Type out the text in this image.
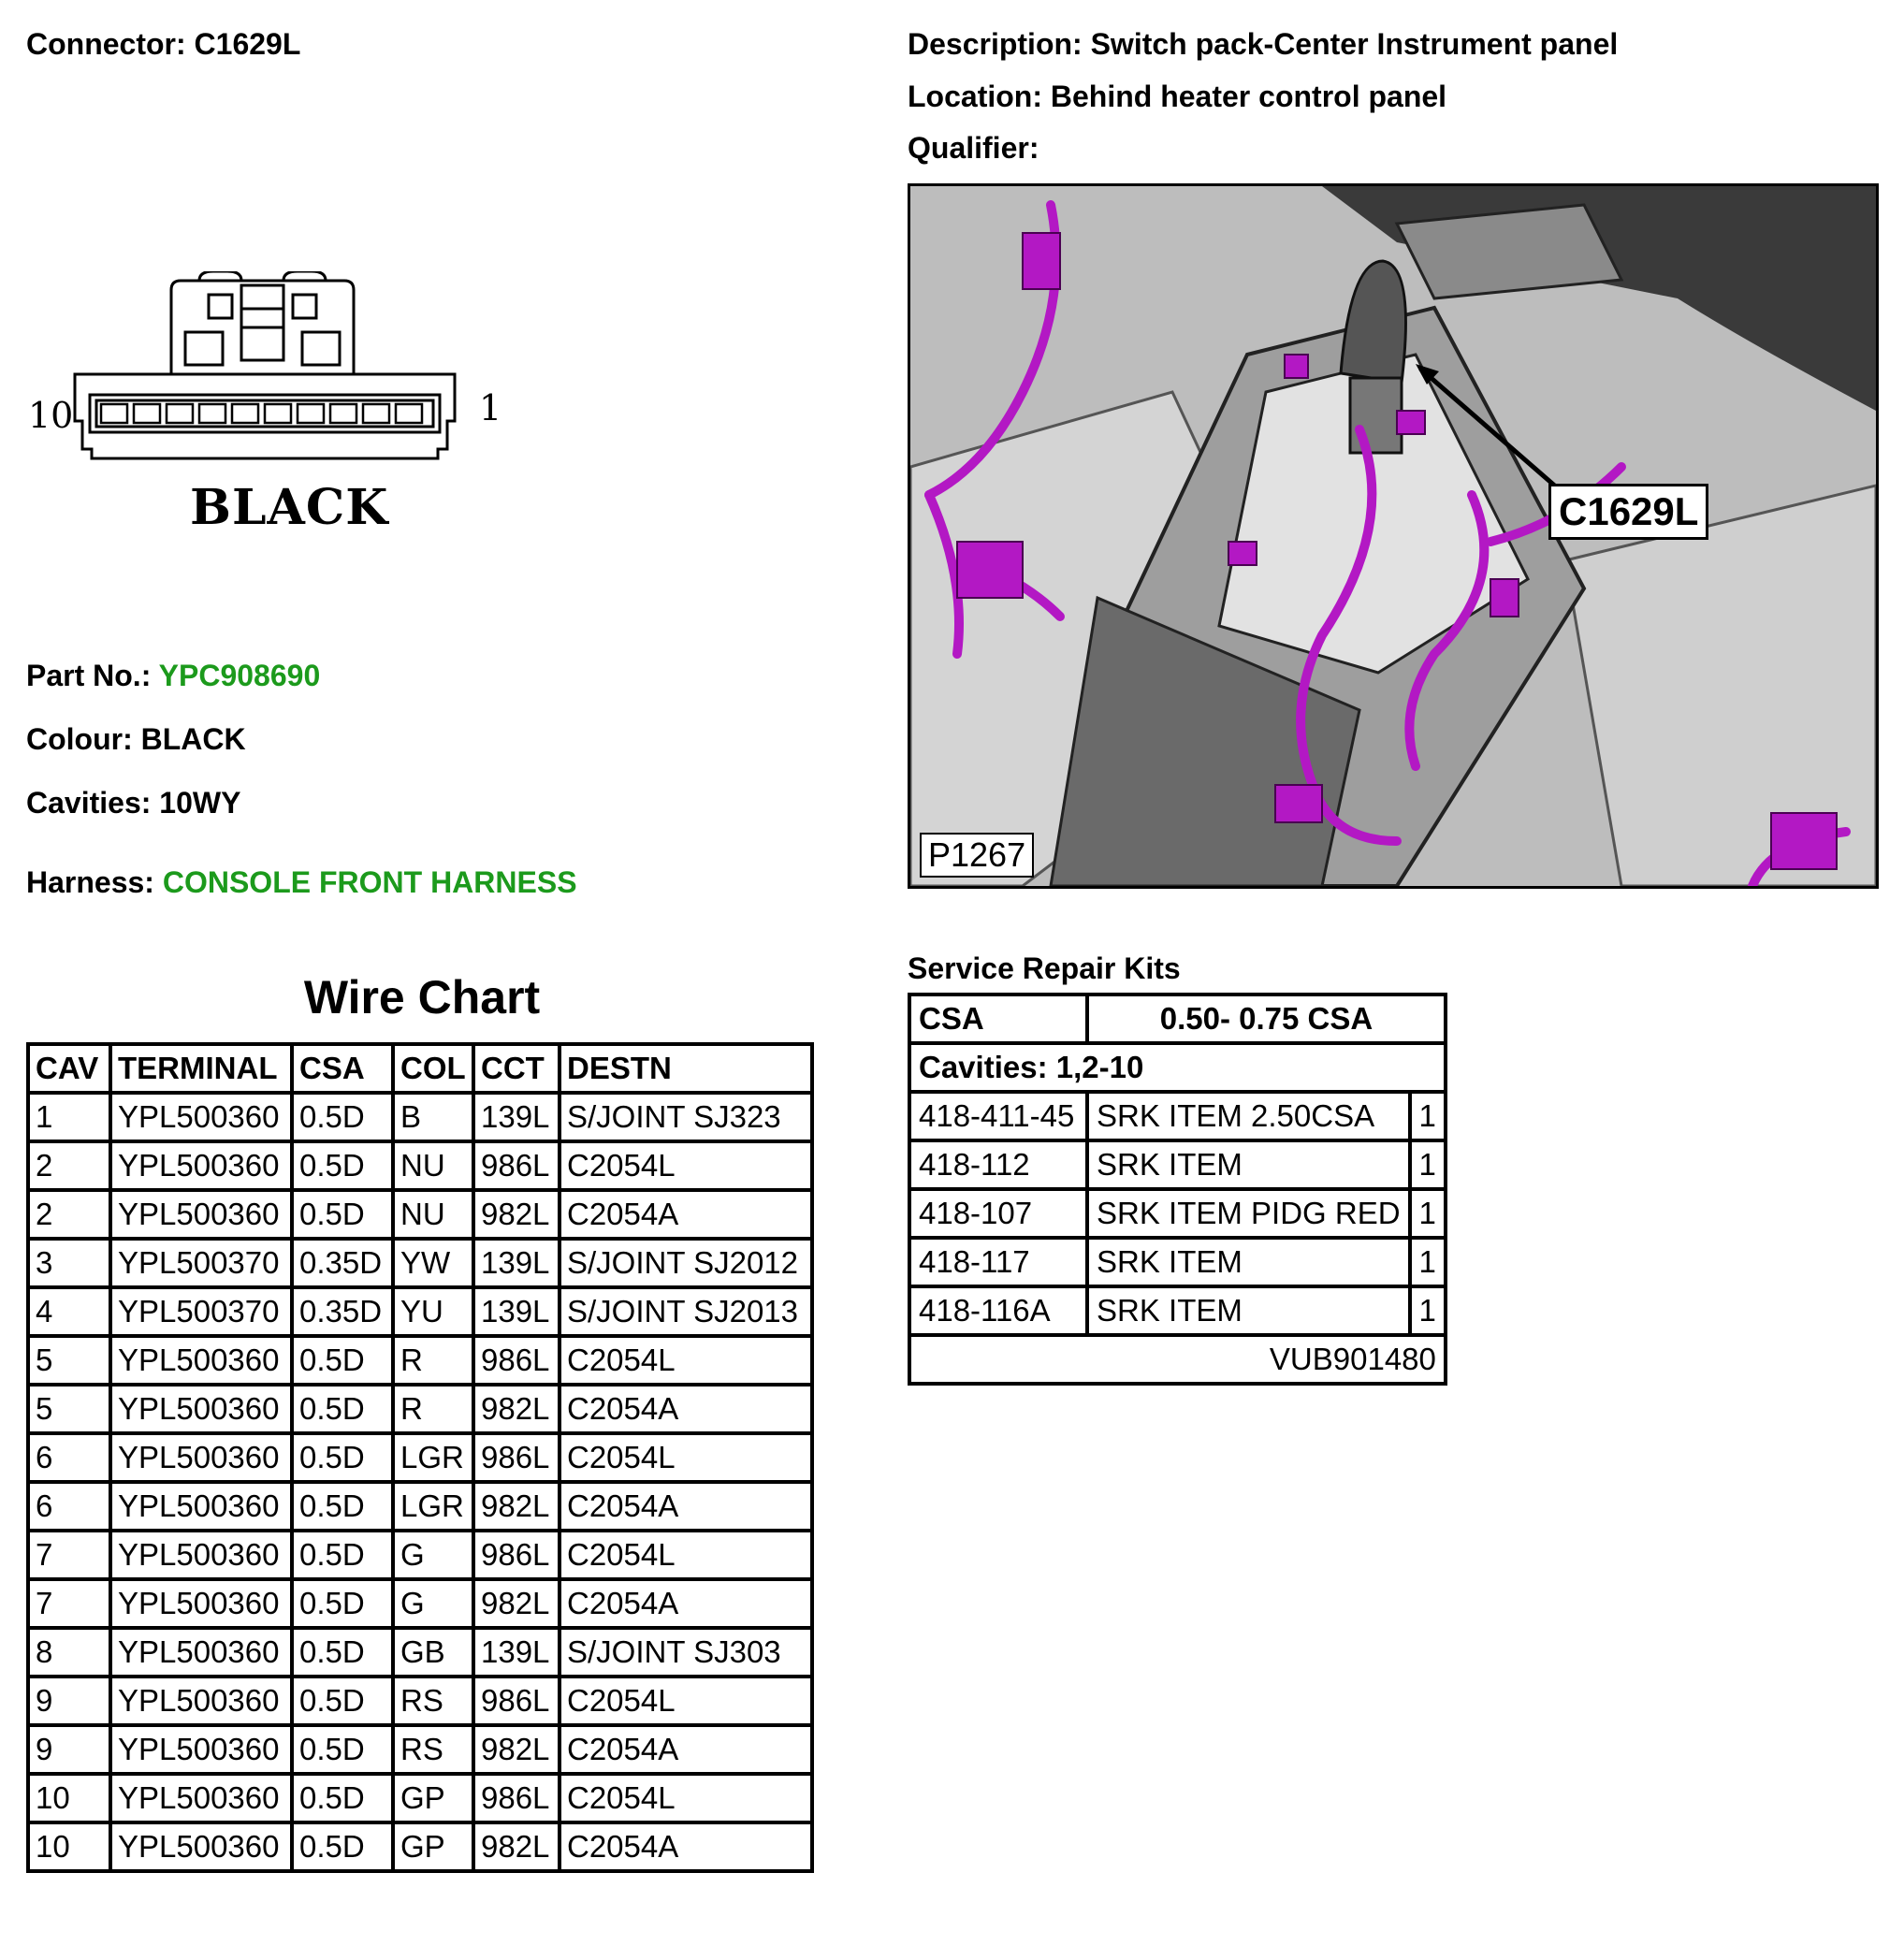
Connector: C1629L	Description: Switch pack-Center Instrument panel
Location: Behind heater control panel
Qualifier:
10	1
BLACK
Part No.: YPC908690
Colour: BLACK
Cavities: 10WY
Harness: CONSOLE FRONT HARNESS
C1629L
P1267
Wire Chart
CAV	TERMINAL	CSA	COL	CCT	DESTN
1	YPL500360	0.5D	B	139L	S/JOINT SJ323
2	YPL500360	0.5D	NU	986L	C2054L
2	YPL500360	0.5D	NU	982L	C2054A
3	YPL500370	0.35D	YW	139L	S/JOINT SJ2012
4	YPL500370	0.35D	YU	139L	S/JOINT SJ2013
5	YPL500360	0.5D	R	986L	C2054L
5	YPL500360	0.5D	R	982L	C2054A
6	YPL500360	0.5D	LGR	986L	C2054L
6	YPL500360	0.5D	LGR	982L	C2054A
7	YPL500360	0.5D	G	986L	C2054L
7	YPL500360	0.5D	G	982L	C2054A
8	YPL500360	0.5D	GB	139L	S/JOINT SJ303
9	YPL500360	0.5D	RS	986L	C2054L
9	YPL500360	0.5D	RS	982L	C2054A
10	YPL500360	0.5D	GP	986L	C2054L
10	YPL500360	0.5D	GP	982L	C2054A
Service Repair Kits
CSA	0.50- 0.75 CSA	
Cavities: 1,2-10		
418-411-45	SRK ITEM 2.50CSA	1
418-112	SRK ITEM	1
418-107	SRK ITEM PIDG RED	1
418-117	SRK ITEM	1
418-116A	SRK ITEM	1
VUB901480		
